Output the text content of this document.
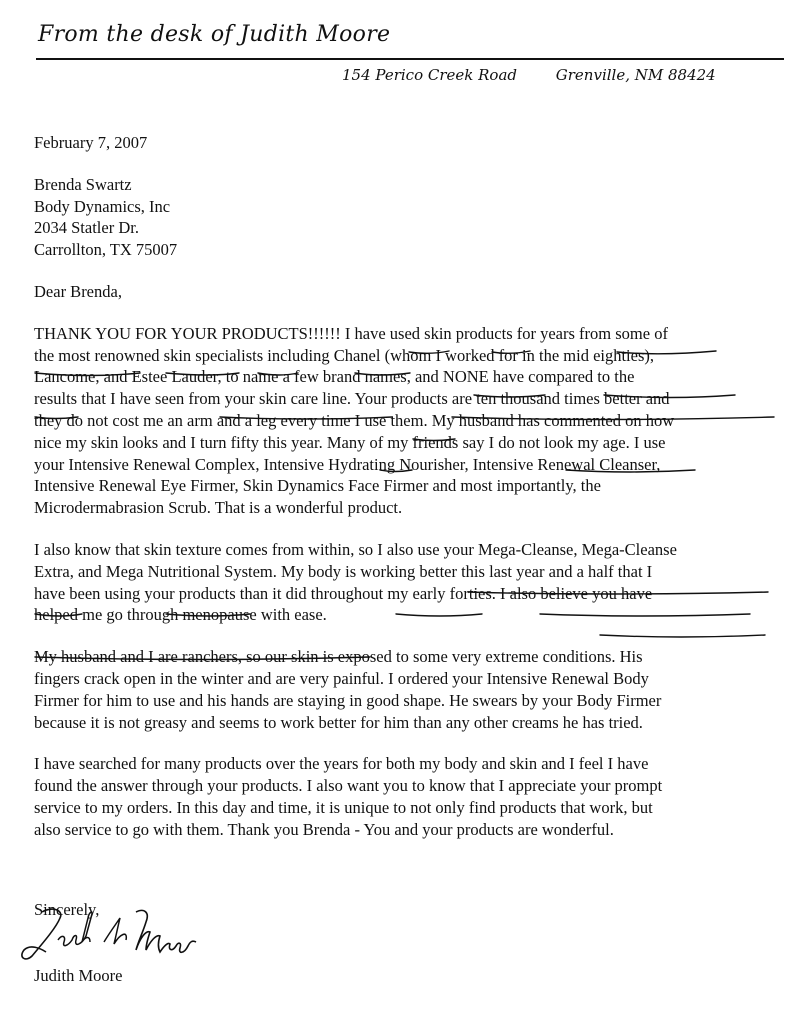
From the desk of Judith Moore
154 Perico Creek Road	Grenville, NM 88424
February 7, 2007
Brenda Swartz
Body Dynamics, Inc
2034 Statler Dr.
Carrollton, TX 75007
Dear Brenda,
THANK YOU FOR YOUR PRODUCTS!!!!!! I have used skin products for years from some of
the most renowned skin specialists including Chanel (whom I worked for in the mid eighties),
Lancome, and Estee Lauder, to name a few brand names, and NONE have compared to the
results that I have seen from your skin care line. Your products are ten thousand times better and
they do not cost me an arm and a leg every time I use them. My husband has commented on how
nice my skin looks and I turn fifty this year. Many of my friends say I do not look my age. I use
your Intensive Renewal Complex, Intensive Hydrating Nourisher, Intensive Renewal Cleanser,
Intensive Renewal Eye Firmer, Skin Dynamics Face Firmer and most importantly, the
Microdermabrasion Scrub. That is a wonderful product.
I also know that skin texture comes from within, so I also use your Mega-Cleanse, Mega-Cleanse
Extra, and Mega Nutritional System. My body is working better this last year and a half that I
have been using your products than it did throughout my early forties. I also believe you have
helped me go through menopause with ease.
My husband and I are ranchers, so our skin is exposed to some very extreme conditions. His
fingers crack open in the winter and are very painful. I ordered your Intensive Renewal Body
Firmer for him to use and his hands are staying in good shape. He swears by your Body Firmer
because it is not greasy and seems to work better for him than any other creams he has tried.
I have searched for many products over the years for both my body and skin and I feel I have
found the answer through your products. I also want you to know that I appreciate your prompt
service to my orders. In this day and time, it is unique to not only find products that work, but
also service to go with them. Thank you Brenda - You and your products are wonderful.
Sincerely,
Judith Moore
